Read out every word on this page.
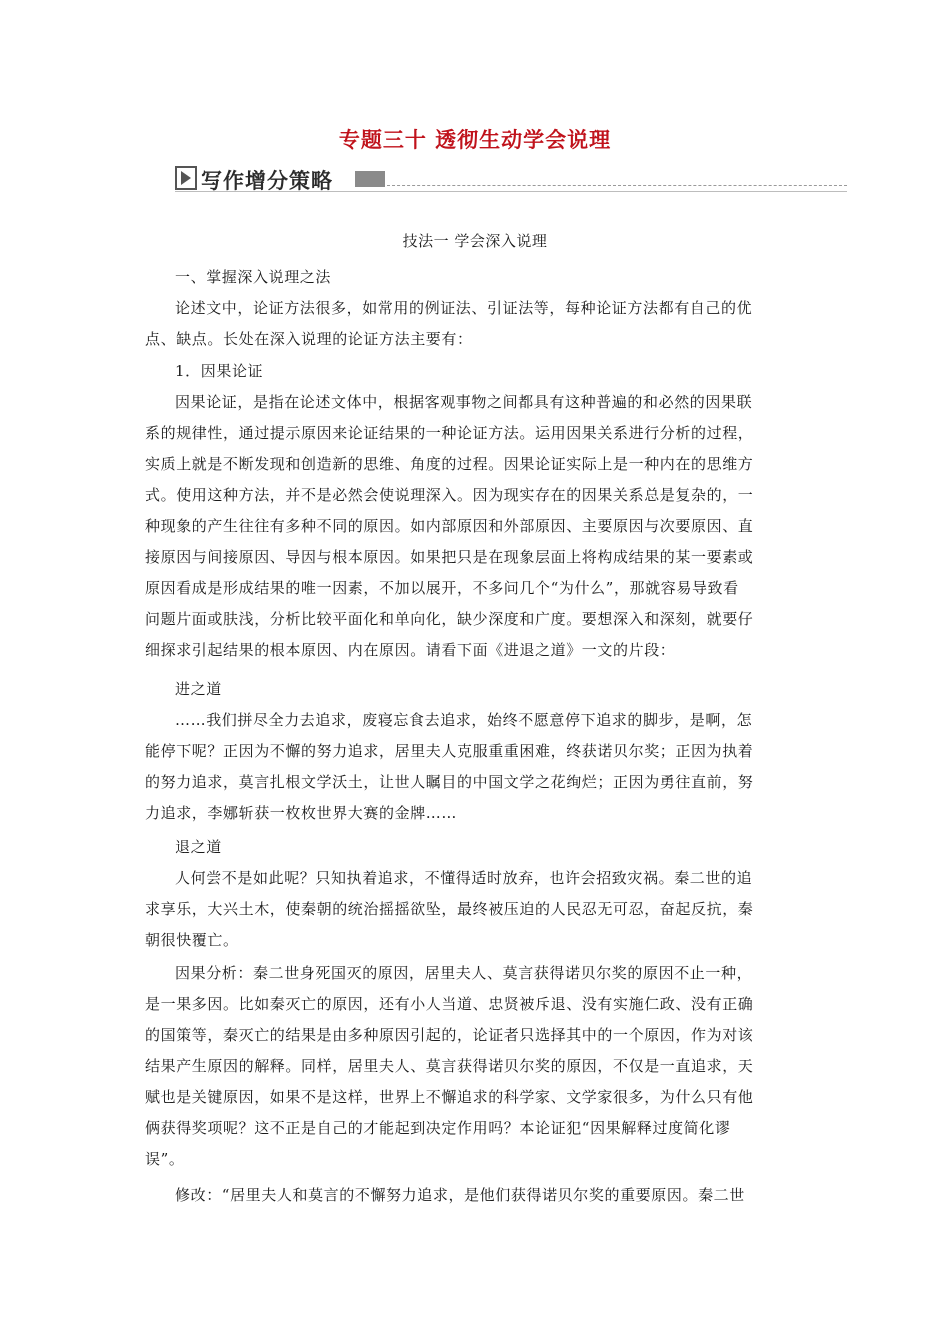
专题三十 透彻生动学会说理
写作增分策略
技法一 学会深入说理
一、掌握深入说理之法
论述文中，论证方法很多，如常用的例证法、引证法等，每种论证方法都有自己的优
点、缺点。长处在深入说理的论证方法主要有：
1．因果论证
因果论证，是指在论述文体中，根据客观事物之间都具有这种普遍的和必然的因果联
系的规律性，通过提示原因来论证结果的一种论证方法。运用因果关系进行分析的过程，
实质上就是不断发现和创造新的思维、角度的过程。因果论证实际上是一种内在的思维方
式。使用这种方法，并不是必然会使说理深入。因为现实存在的因果关系总是复杂的，一
种现象的产生往往有多种不同的原因。如内部原因和外部原因、主要原因与次要原因、直
接原因与间接原因、导因与根本原因。如果把只是在现象层面上将构成结果的某一要素或
原因看成是形成结果的唯一因素，不加以展开，不多问几个“为什么”，那就容易导致看
问题片面或肤浅，分析比较平面化和单向化，缺少深度和广度。要想深入和深刻，就要仔
细探求引起结果的根本原因、内在原因。请看下面《进退之道》一文的片段：
进之道
……我们拼尽全力去追求，废寝忘食去追求，始终不愿意停下追求的脚步，是啊，怎
能停下呢？正因为不懈的努力追求，居里夫人克服重重困难，终获诺贝尔奖；正因为执着
的努力追求，莫言扎根文学沃土，让世人瞩目的中国文学之花绚烂；正因为勇往直前，努
力追求，李娜斩获一枚枚世界大赛的金牌……
退之道
人何尝不是如此呢？只知执着追求，不懂得适时放弃，也许会招致灾祸。秦二世的追
求享乐，大兴土木，使秦朝的统治摇摇欲坠，最终被压迫的人民忍无可忍，奋起反抗，秦
朝很快覆亡。
因果分析：秦二世身死国灭的原因，居里夫人、莫言获得诺贝尔奖的原因不止一种，
是一果多因。比如秦灭亡的原因，还有小人当道、忠贤被斥退、没有实施仁政、没有正确
的国策等，秦灭亡的结果是由多种原因引起的，论证者只选择其中的一个原因，作为对该
结果产生原因的解释。同样，居里夫人、莫言获得诺贝尔奖的原因，不仅是一直追求，天
赋也是关键原因，如果不是这样，世界上不懈追求的科学家、文学家很多，为什么只有他
俩获得奖项呢？这不正是自己的才能起到决定作用吗？本论证犯“因果解释过度简化谬
误”。
修改：“居里夫人和莫言的不懈努力追求，是他们获得诺贝尔奖的重要原因。秦二世
